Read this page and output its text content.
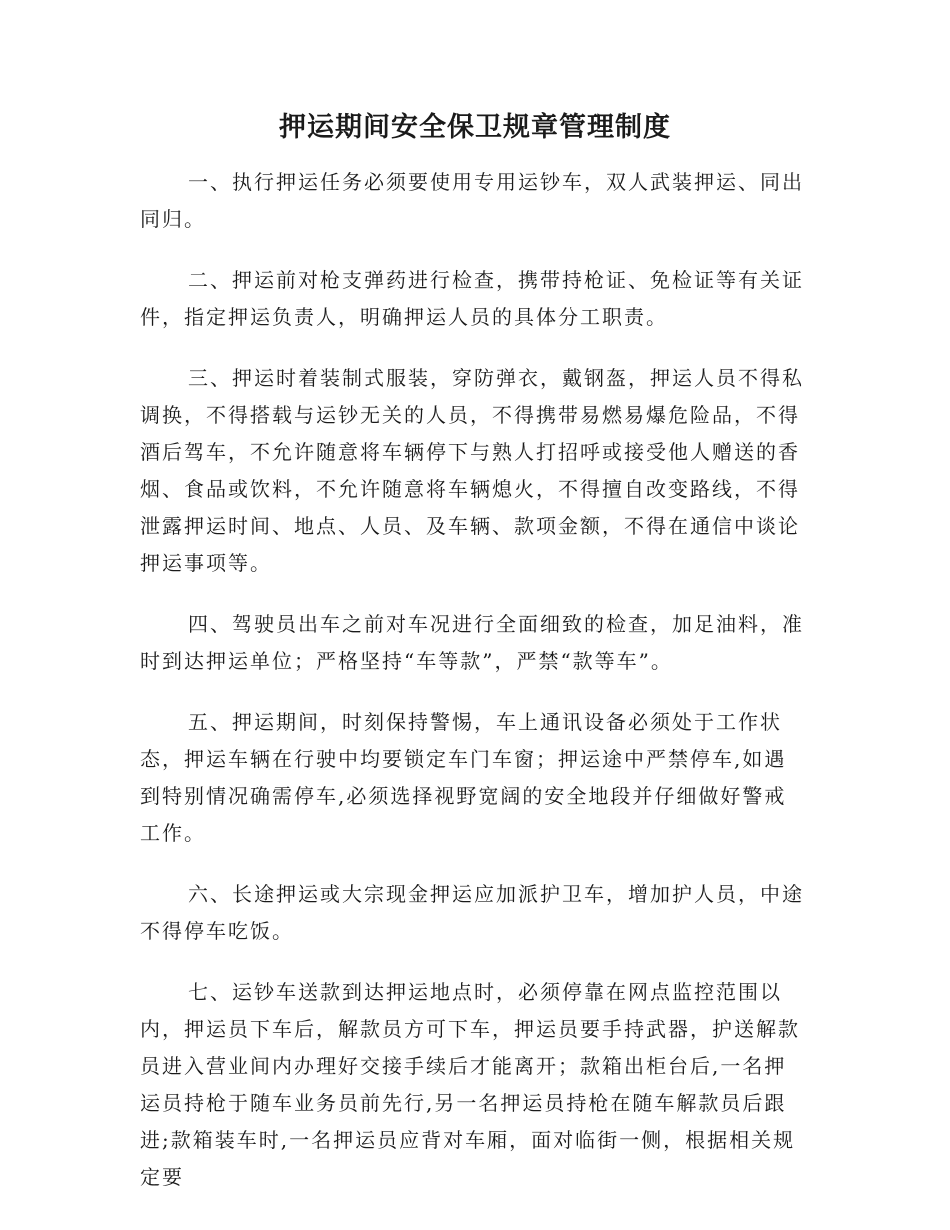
押运期间安全保卫规章管理制度

一、执行押运任务必须要使用专用运钞车，双人武装押运、同出同归。

二、押运前对枪支弹药进行检查，携带持枪证、免检证等有关证件，指定押运负责人，明确押运人员的具体分工职责。

三、押运时着装制式服装，穿防弹衣，戴钢盔，押运人员不得私调换，不得搭载与运钞无关的人员，不得携带易燃易爆危险品，不得酒后驾车，不允许随意将车辆停下与熟人打招呼或接受他人赠送的香烟、食品或饮料，不允许随意将车辆熄火，不得擅自改变路线，不得泄露押运时间、地点、人员、及车辆、款项金额，不得在通信中谈论押运事项等。

四、驾驶员出车之前对车况进行全面细致的检查，加足油料，准时到达押运单位；严格坚持“车等款”，严禁“款等车”。

五、押运期间，时刻保持警惕，车上通讯设备必须处于工作状态，押运车辆在行驶中均要锁定车门车窗；押运途中严禁停车,如遇到特别情况确需停车,必须选择视野宽阔的安全地段并仔细做好警戒工作。

六、长途押运或大宗现金押运应加派护卫车，增加护人员，中途不得停车吃饭。

七、运钞车送款到达押运地点时，必须停靠在网点监控范围以内，押运员下车后，解款员方可下车，押运员要手持武器，护送解款员进入营业间内办理好交接手续后才能离开；款箱出柜台后,一名押运员持枪于随车业务员前先行,另一名押运员持枪在随车解款员后跟进;款箱装车时,一名押运员应背对车厢，面对临街一侧，根据相关规定要
